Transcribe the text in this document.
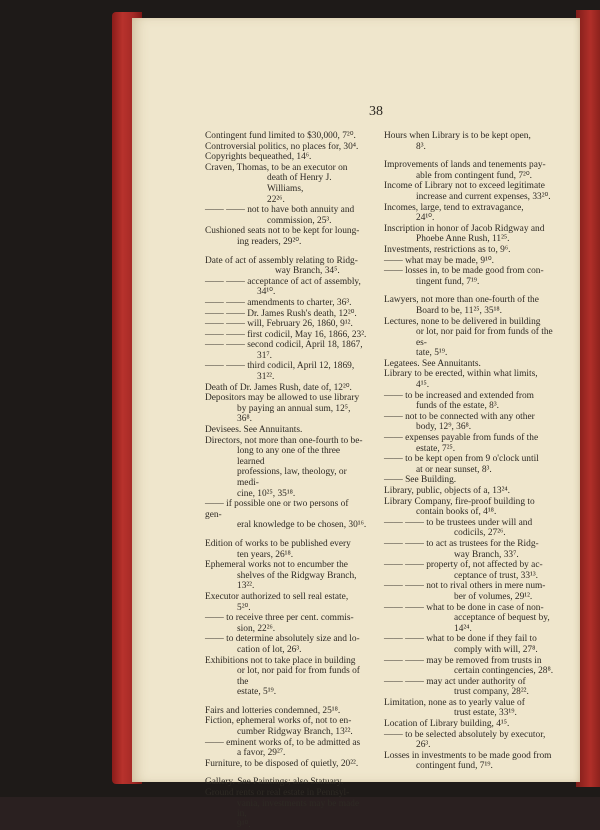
38
Contingent fund limited to $30,000, 7²⁰.
Controversial politics, no places for, 30⁴.
Copyrights bequeathed, 14⁶.
Craven, Thomas, to be an executor on
death of Henry J. Williams,
22²⁶.
—— —— not to have both annuity and
commission, 25³.
Cushioned seats not to be kept for loung-
ing readers, 29²⁰.
Date of act of assembly relating to Ridg-
way Branch, 34⁵.
—— —— acceptance of act of assembly,
34¹⁰.
—— —— amendments to charter, 36³.
—— —— Dr. James Rush's death, 12²⁰.
—— —— will, February 26, 1860, 9¹².
—— —— first codicil, May 16, 1866, 23².
—— —— second codicil, April 18, 1867,
31⁷.
—— —— third codicil, April 12, 1869,
31²².
Death of Dr. James Rush, date of, 12²⁰.
Depositors may be allowed to use library
by paying an annual sum, 12⁵, 36⁸.
Devisees. See Annuitants.
Directors, not more than one-fourth to be-
long to any one of the three learned
professions, law, theology, or medi-
cine, 10²⁵, 35¹⁸.
—— if possible one or two persons of gen-
eral knowledge to be chosen, 30¹⁶.
Edition of works to be published every
ten years, 26¹⁸.
Ephemeral works not to encumber the
shelves of the Ridgway Branch, 13²².
Executor authorized to sell real estate,
5²⁰.
—— to receive three per cent. commis-
sion, 22²⁶.
—— to determine absolutely size and lo-
cation of lot, 26³.
Exhibitions not to take place in building
or lot, nor paid for from funds of the
estate, 5¹⁹.
Fairs and lotteries condemned, 25¹⁸.
Fiction, ephemeral works of, not to en-
cumber Ridgway Branch, 13²².
—— eminent works of, to be admitted as
a favor, 29²⁷.
Furniture, to be disposed of quietly, 20²².
Gallery. See Paintings; also Statuary.
Ground rents or real estate in Pennsyl-
vania, investments may be made in,
9¹⁰.
Hours when Library is to be kept open,
8³.
Improvements of lands and tenements pay-
able from contingent fund, 7²⁰.
Income of Library not to exceed legitimate
increase and current expenses, 33²⁰.
Incomes, large, tend to extravagance,
24¹⁰.
Inscription in honor of Jacob Ridgway and
Phoebe Anne Rush, 11²⁵.
Investments, restrictions as to, 9⁶.
—— what may be made, 9¹⁰.
—— losses in, to be made good from con-
tingent fund, 7¹⁹.
Lawyers, not more than one-fourth of the
Board to be, 11²⁵, 35¹⁸.
Lectures, none to be delivered in building
or lot, nor paid for from funds of the es-
tate, 5¹⁹.
Legatees. See Annuitants.
Library to be erected, within what limits,
4¹⁵.
—— to be increased and extended from
funds of the estate, 8³.
—— not to be connected with any other
body, 12⁹, 36⁸.
—— expenses payable from funds of the
estate, 7²⁵.
—— to be kept open from 9 o'clock until
at or near sunset, 8³.
—— See Building.
Library, public, objects of a, 13²⁴.
Library Company, fire-proof building to
contain books of, 4¹⁸.
—— —— to be trustees under will and
codicils, 27²⁶.
—— —— to act as trustees for the Ridg-
way Branch, 33⁷.
—— —— property of, not affected by ac-
ceptance of trust, 33¹³.
—— —— not to rival others in mere num-
ber of volumes, 29¹².
—— —— what to be done in case of non-
acceptance of bequest by, 14²⁴.
—— —— what to be done if they fail to
comply with will, 27⁸.
—— —— may be removed from trusts in
certain contingencies, 28⁸.
—— —— may act under authority of
trust company, 28²².
Limitation, none as to yearly value of
trust estate, 33¹⁹.
Location of Library building, 4¹⁵.
—— to be selected absolutely by executor,
26³.
Losses in investments to be made good from
contingent fund, 7¹⁹.
